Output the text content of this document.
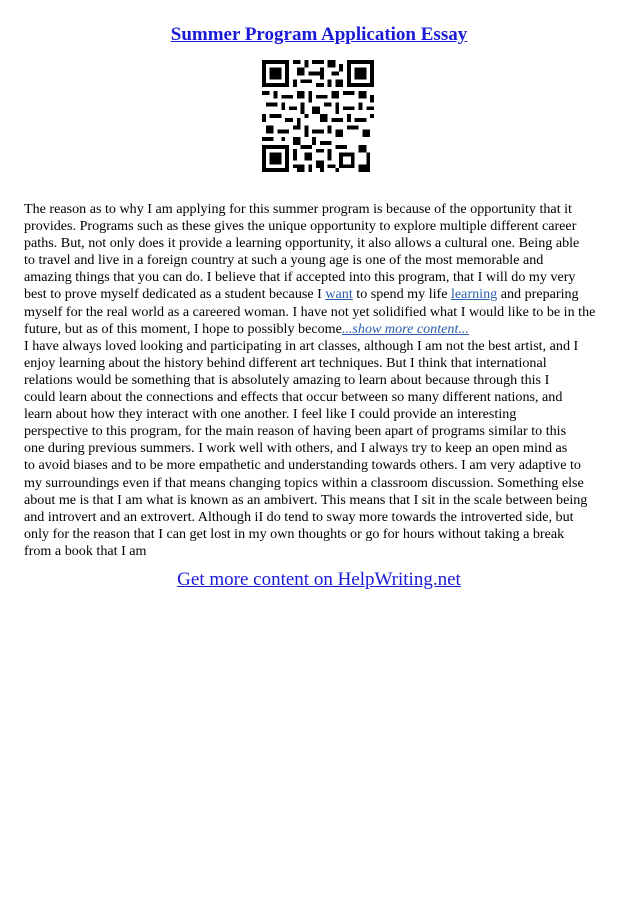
Summer Program Application Essay
The reason as to why I am applying for this summer program is because of the opportunity that it
provides. Programs such as these gives the unique opportunity to explore multiple different career
paths. But, not only does it provide a learning opportunity, it also allows a cultural one. Being able
to travel and live in a foreign country at such a young age is one of the most memorable and
amazing things that you can do. I believe that if accepted into this program, that I will do my very
best to prove myself dedicated as a student because I want to spend my life learning and preparing
myself for the real world as a careered woman. I have not yet solidified what I would like to be in the
future, but as of this moment, I hope to possibly become...show more content...
I have always loved looking and participating in art classes, although I am not the best artist, and I
enjoy learning about the history behind different art techniques. But I think that international
relations would be something that is absolutely amazing to learn about because through this I
could learn about the connections and effects that occur between so many different nations, and
learn about how they interact with one another. I feel like I could provide an interesting
perspective to this program, for the main reason of having been apart of programs similar to this
one during previous summers. I work well with others, and I always try to keep an open mind as
to avoid biases and to be more empathetic and understanding towards others. I am very adaptive to
my surroundings even if that means changing topics within a classroom discussion. Something else
about me is that I am what is known as an ambivert. This means that I sit in the scale between being
and introvert and an extrovert. Although iI do tend to sway more towards the introverted side, but
only for the reason that I can get lost in my own thoughts or go for hours without taking a break
from a book that I am
Get more content on HelpWriting.net
